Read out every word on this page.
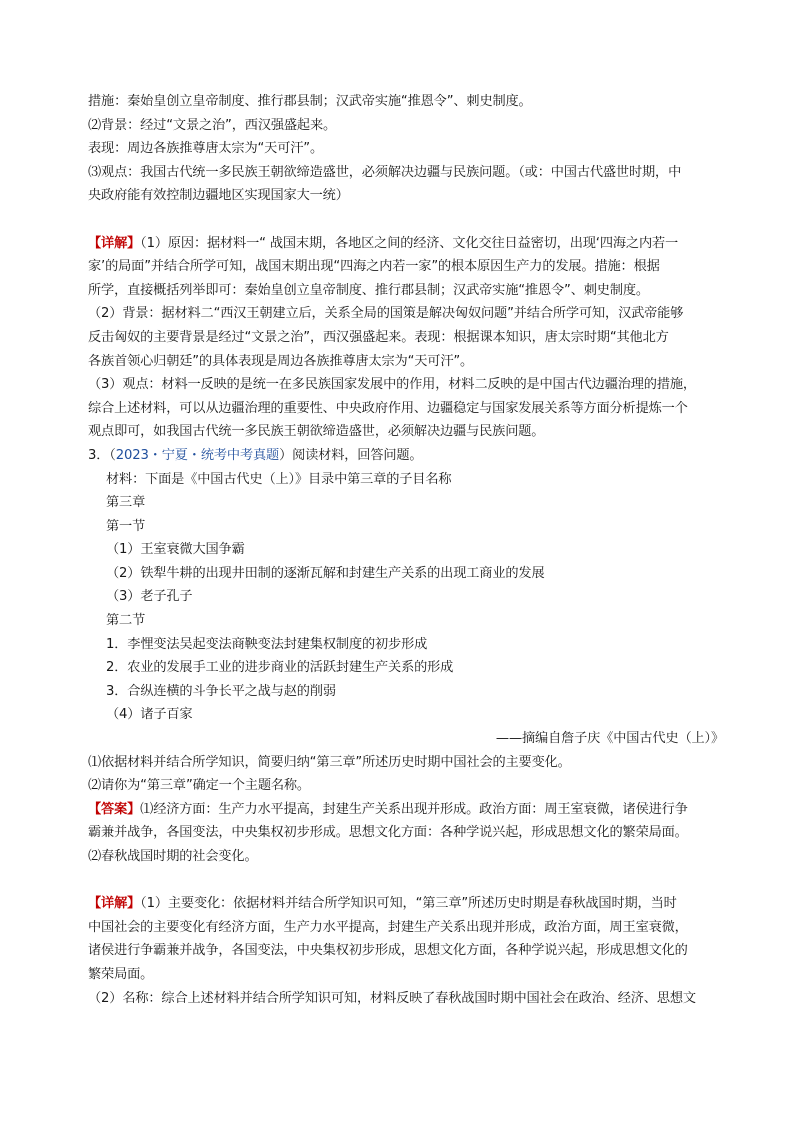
措施：秦始皇创立皇帝制度、推行郡县制；汉武帝实施“推恩令”、刺史制度。
⑵背景：经过“文景之治”，西汉强盛起来。
表现：周边各族推尊唐太宗为“天可汗”。
⑶观点：我国古代统一多民族王朝欲缔造盛世，必须解决边疆与民族问题。（或：中国古代盛世时期，中
央政府能有效控制边疆地区实现国家大一统）
【详解】（1）原因：据材料一“ 战国末期，各地区之间的经济、文化交往日益密切，出现‘四海之内若一
家’的局面”并结合所学可知，战国末期出现“四海之内若一家”的根本原因生产力的发展。措施：根据
所学，直接概括列举即可：秦始皇创立皇帝制度、推行郡县制；汉武帝实施“推恩令”、刺史制度。
（2）背景：据材料二“西汉王朝建立后，关系全局的国策是解决匈奴问题”并结合所学可知，汉武帝能够
反击匈奴的主要背景是经过“文景之治”，西汉强盛起来。表现：根据课本知识，唐太宗时期“其他北方
各族首领心归朝廷”的具体表现是周边各族推尊唐太宗为“天可汗”。
（3）观点：材料一反映的是统一在多民族国家发展中的作用，材料二反映的是中国古代边疆治理的措施，
综合上述材料，可以从边疆治理的重要性、中央政府作用、边疆稳定与国家发展关系等方面分析提炼一个
观点即可，如我国古代统一多民族王朝欲缔造盛世，必须解决边疆与民族问题。
3．（2023・宁夏・统考中考真题）阅读材料，回答问题。
材料：下面是《中国古代史（上）》目录中第三章的子目名称
第三章
第一节
（1）王室衰微大国争霸
（2）铁犁牛耕的出现井田制的逐渐瓦解和封建生产关系的出现工商业的发展
（3）老子孔子
第二节
1．李悝变法吴起变法商鞅变法封建集权制度的初步形成
2．农业的发展手工业的进步商业的活跃封建生产关系的形成
3．合纵连横的斗争长平之战与赵的削弱
（4）诸子百家
——摘编自詹子庆《中国古代史（上）》
⑴依据材料并结合所学知识，简要归纳“第三章”所述历史时期中国社会的主要变化。
⑵请你为“第三章”确定一个主题名称。
【答案】⑴经济方面：生产力水平提高，封建生产关系出现并形成。政治方面：周王室衰微，诸侯进行争
霸兼并战争，各国变法，中央集权初步形成。思想文化方面：各种学说兴起，形成思想文化的繁荣局面。
⑵春秋战国时期的社会变化。
【详解】（1）主要变化：依据材料并结合所学知识可知，“第三章”所述历史时期是春秋战国时期，当时
中国社会的主要变化有经济方面，生产力水平提高，封建生产关系出现并形成，政治方面，周王室衰微，
诸侯进行争霸兼并战争，各国变法，中央集权初步形成，思想文化方面，各种学说兴起，形成思想文化的
繁荣局面。
（2）名称：综合上述材料并结合所学知识可知，材料反映了春秋战国时期中国社会在政治、经济、思想文
